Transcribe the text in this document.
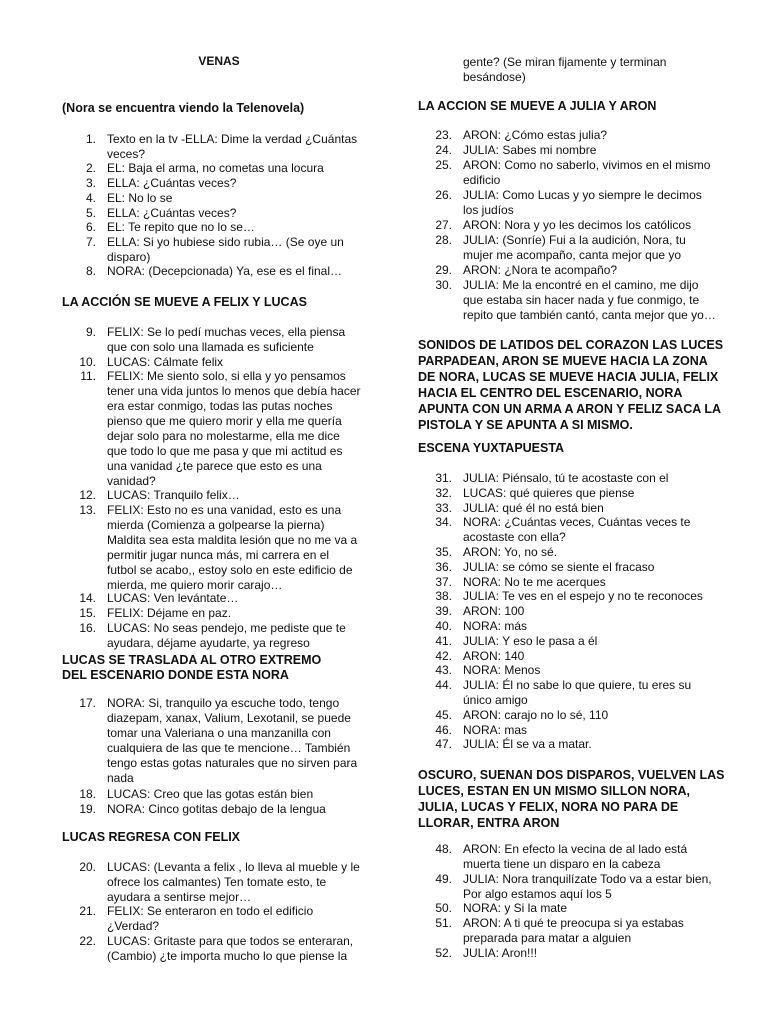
VENAS
(Nora se encuentra viendo la Telenovela)
1. Texto en la tv -ELLA: Dime la verdad ¿Cuántas
veces?
2. EL: Baja el arma, no cometas una locura
3. ELLA: ¿Cuántas veces?
4. EL: No lo se
5. ELLA: ¿Cuántas veces?
6. EL: Te repito que no lo se…
7. ELLA: Si yo hubiese sido rubia… (Se oye un
disparo)
8. NORA: (Decepcionada) Ya, ese es el final…
LA ACCIÓN SE MUEVE A FELIX Y LUCAS
9. FELIX: Se lo pedí muchas veces, ella piensa
que con solo una llamada es suficiente
10. LUCAS: Cálmate felix
11. FELIX: Me siento solo, si ella y yo pensamos
tener una vida juntos lo menos que debía hacer
era estar conmigo, todas las putas noches
pienso que me quiero morir y ella me quería
dejar solo para no molestarme, ella me dice
que todo lo que me pasa y que mi actitud es
una vanidad ¿te parece que esto es una
vanidad?
12. LUCAS: Tranquilo felix…
13. FELIX: Esto no es una vanidad, esto es una
mierda (Comienza a golpearse la pierna)
Maldita sea esta maldita lesión que no me va a
permitir jugar nunca más, mi carrera en el
futbol se acabo,, estoy solo en este edificio de
mierda, me quiero morir carajo…
14. LUCAS: Ven levántate…
15. FELIX: Déjame en paz.
16. LUCAS: No seas pendejo, me pediste que te
ayudara, déjame ayudarte, ya regreso
LUCAS SE TRASLADA AL OTRO EXTREMO
DEL ESCENARIO DONDE ESTA NORA
17. NORA: Si, tranquilo ya escuche todo, tengo
diazepam, xanax, Valium, Lexotanil, se puede
tomar una Valeriana o una manzanilla con
cualquiera de las que te mencione… También
tengo estas gotas naturales que no sirven para
nada
18. LUCAS: Creo que las gotas están bien
19. NORA: Cinco gotitas debajo de la lengua
LUCAS REGRESA CON FELIX
20. LUCAS: (Levanta a felix , lo lleva al mueble y le
ofrece los calmantes) Ten tomate esto, te
ayudara a sentirse mejor…
21. FELIX: Se enteraron en todo el edificio
¿Verdad?
22. LUCAS: Gritaste para que todos se enteraran,
(Cambio) ¿te importa mucho lo que piense la
gente? (Se miran fijamente y terminan
besándose)
LA ACCION SE MUEVE A JULIA Y ARON
23. ARON: ¿Cómo estas julia?
24. JULIA: Sabes mi nombre
25. ARON: Como no saberlo, vivimos en el mismo
edificio
26. JULIA: Como Lucas y yo siempre le decimos
los judíos
27. ARON: Nora y yo les decimos los católicos
28. JULIA: (Sonríe) Fui a la audición, Nora, tu
mujer me acompaño, canta mejor que yo
29. ARON: ¿Nora te acompaño?
30. JULIA: Me la encontré en el camino, me dijo
que estaba sin hacer nada y fue conmigo, te
repito que también cantó, canta mejor que yo…
SONIDOS DE LATIDOS DEL CORAZON LAS LUCES
PARPADEAN, ARON SE MUEVE HACIA LA ZONA
DE NORA, LUCAS SE MUEVE HACIA JULIA, FELIX
HACIA EL CENTRO DEL ESCENARIO, NORA
APUNTA CON UN ARMA A ARON Y FELIZ SACA LA
PISTOLA Y SE APUNTA A SI MISMO.
ESCENA YUXTAPUESTA
31. JULIA: Piénsalo, tú te acostaste con el
32. LUCAS: qué quieres que piense
33. JULIA: qué él no está bien
34. NORA: ¿Cuántas veces, Cuántas veces te
acostaste con ella?
35. ARON: Yo, no sé.
36. JULIA: se cómo se siente el fracaso
37. NORA: No te me acerques
38. JULIA: Te ves en el espejo y no te reconoces
39. ARON: 100
40. NORA: más
41. JULIA: Y eso le pasa a él
42. ARON: 140
43. NORA: Menos
44. JULIA: Él no sabe lo que quiere, tu eres su
único amigo
45. ARON: carajo no lo sé, 110
46. NORA: mas
47. JULIA: Él se va a matar.
OSCURO, SUENAN DOS DISPAROS, VUELVEN LAS
LUCES, ESTAN EN UN MISMO SILLON NORA,
JULIA, LUCAS Y FELIX, NORA NO PARA DE
LLORAR, ENTRA ARON
48. ARON: En efecto la vecina de al lado está
muerta tiene un disparo en la cabeza
49. JULIA: Nora tranquilízate Todo va a estar bien,
Por algo estamos aquí los 5
50. NORA: y Si la mate
51. ARON: A ti qué te preocupa si ya estabas
preparada para matar a alguien
52. JULIA: Aron!!!
